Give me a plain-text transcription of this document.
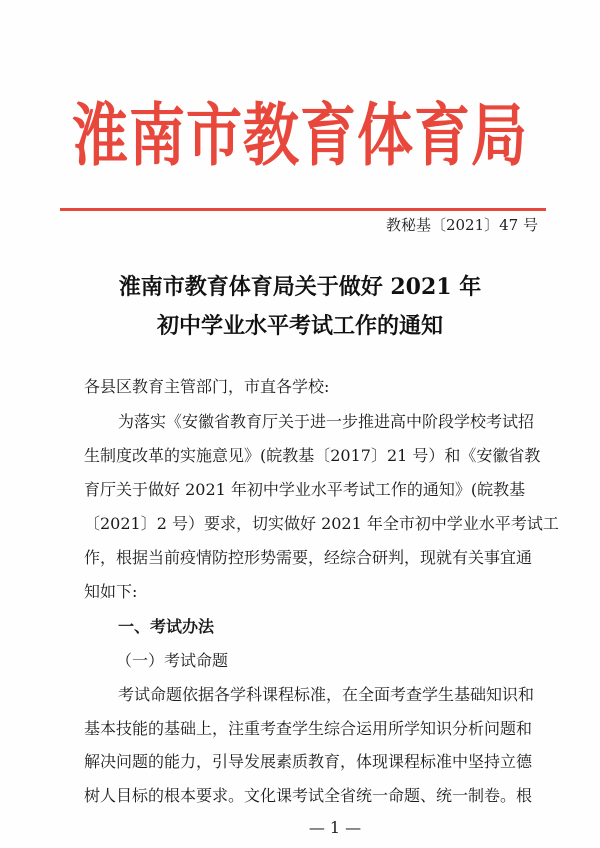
淮南市教育体育局
教秘基〔2021〕47 号
淮南市教育体育局关于做好 2021 年
初中学业水平考试工作的通知
各县区教育主管部门，市直各学校:
为落实《安徽省教育厅关于进一步推进高中阶段学校考试招
生制度改革的实施意见》(皖教基〔2017〕21 号）和《安徽省教
育厅关于做好 2021 年初中学业水平考试工作的通知》(皖教基
〔2021〕2 号）要求，切实做好 2021 年全市初中学业水平考试工
作，根据当前疫情防控形势需要，经综合研判，现就有关事宜通
知如下:
一、考试办法
（一）考试命题
考试命题依据各学科课程标准，在全面考查学生基础知识和
基本技能的基础上，注重考查学生综合运用所学知识分析问题和
解决问题的能力，引导发展素质教育，体现课程标准中坚持立德
树人目标的根本要求。文化课考试全省统一命题、统一制卷。根
— 1 —
